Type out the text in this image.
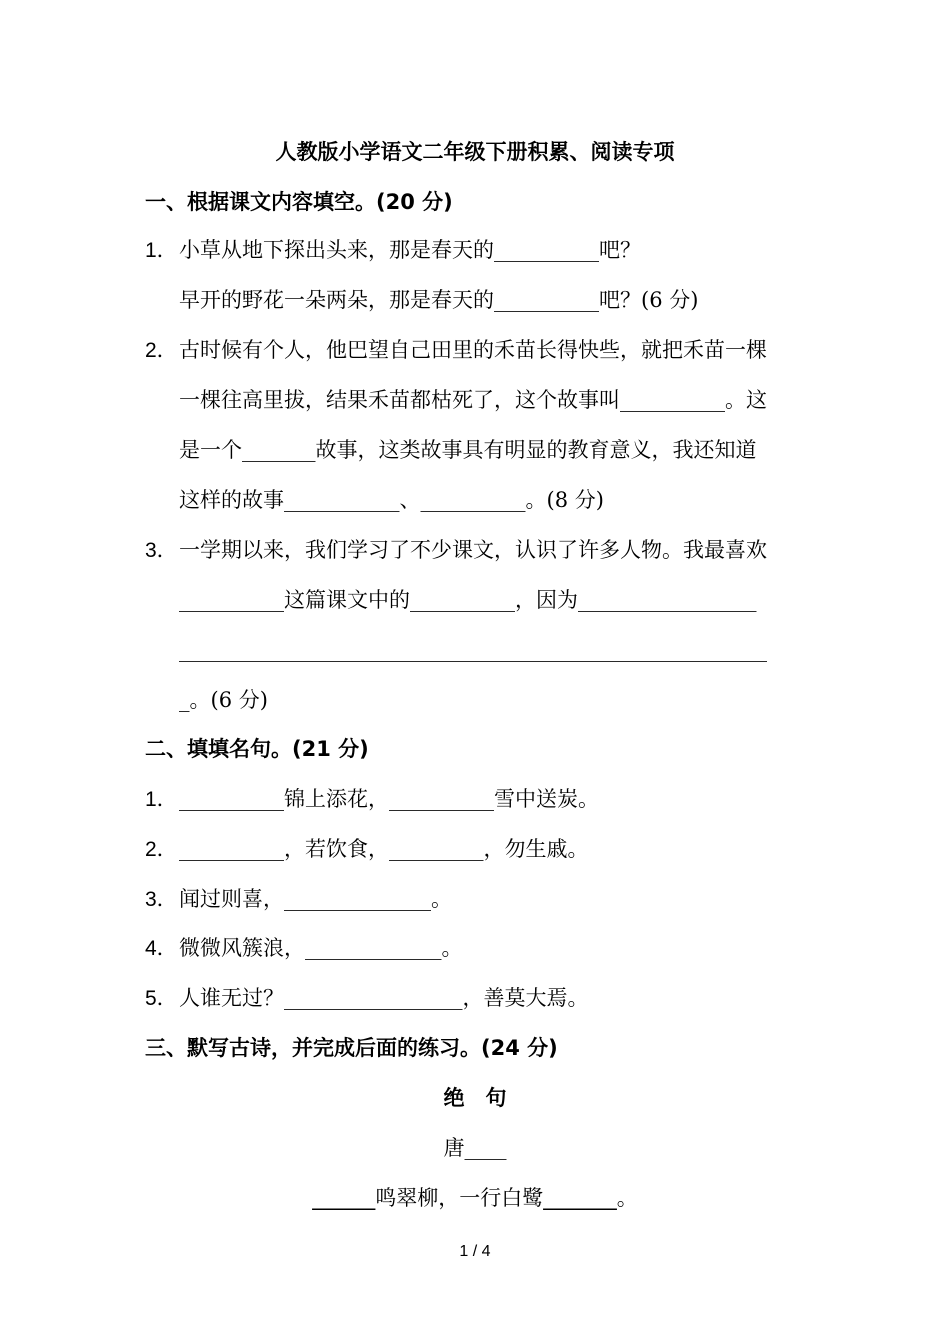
人教版小学语文二年级下册积累、阅读专项
一、根据课文内容填空。(20 分)
1．小草从地下探出头来，那是春天的__________吧？
早开的野花一朵两朵，那是春天的__________吧？(6 分)
2．古时候有个人，他巴望自己田里的禾苗长得快些，就把禾苗一棵
一棵往高里拔，结果禾苗都枯死了，这个故事叫__________。这
是一个_______故事，这类故事具有明显的教育意义，我还知道
这样的故事___________、__________。(8 分)
3．一学期以来，我们学习了不少课文，认识了许多人物。我最喜欢
__________这篇课文中的__________，因为_________________
________________________________________________________
_。(6 分)
二、填填名句。(21 分)
1．__________锦上添花，__________雪中送炭。
2．__________，若饮食，_________，勿生戚。
3．闻过则喜，______________。
4．微微风簇浪，_____________。
5．人谁无过？_________________，善莫大焉。
三、默写古诗，并完成后面的练习。(24 分)
绝　句
唐____
______鸣翠柳，一行白鹭_______。
1 / 4
